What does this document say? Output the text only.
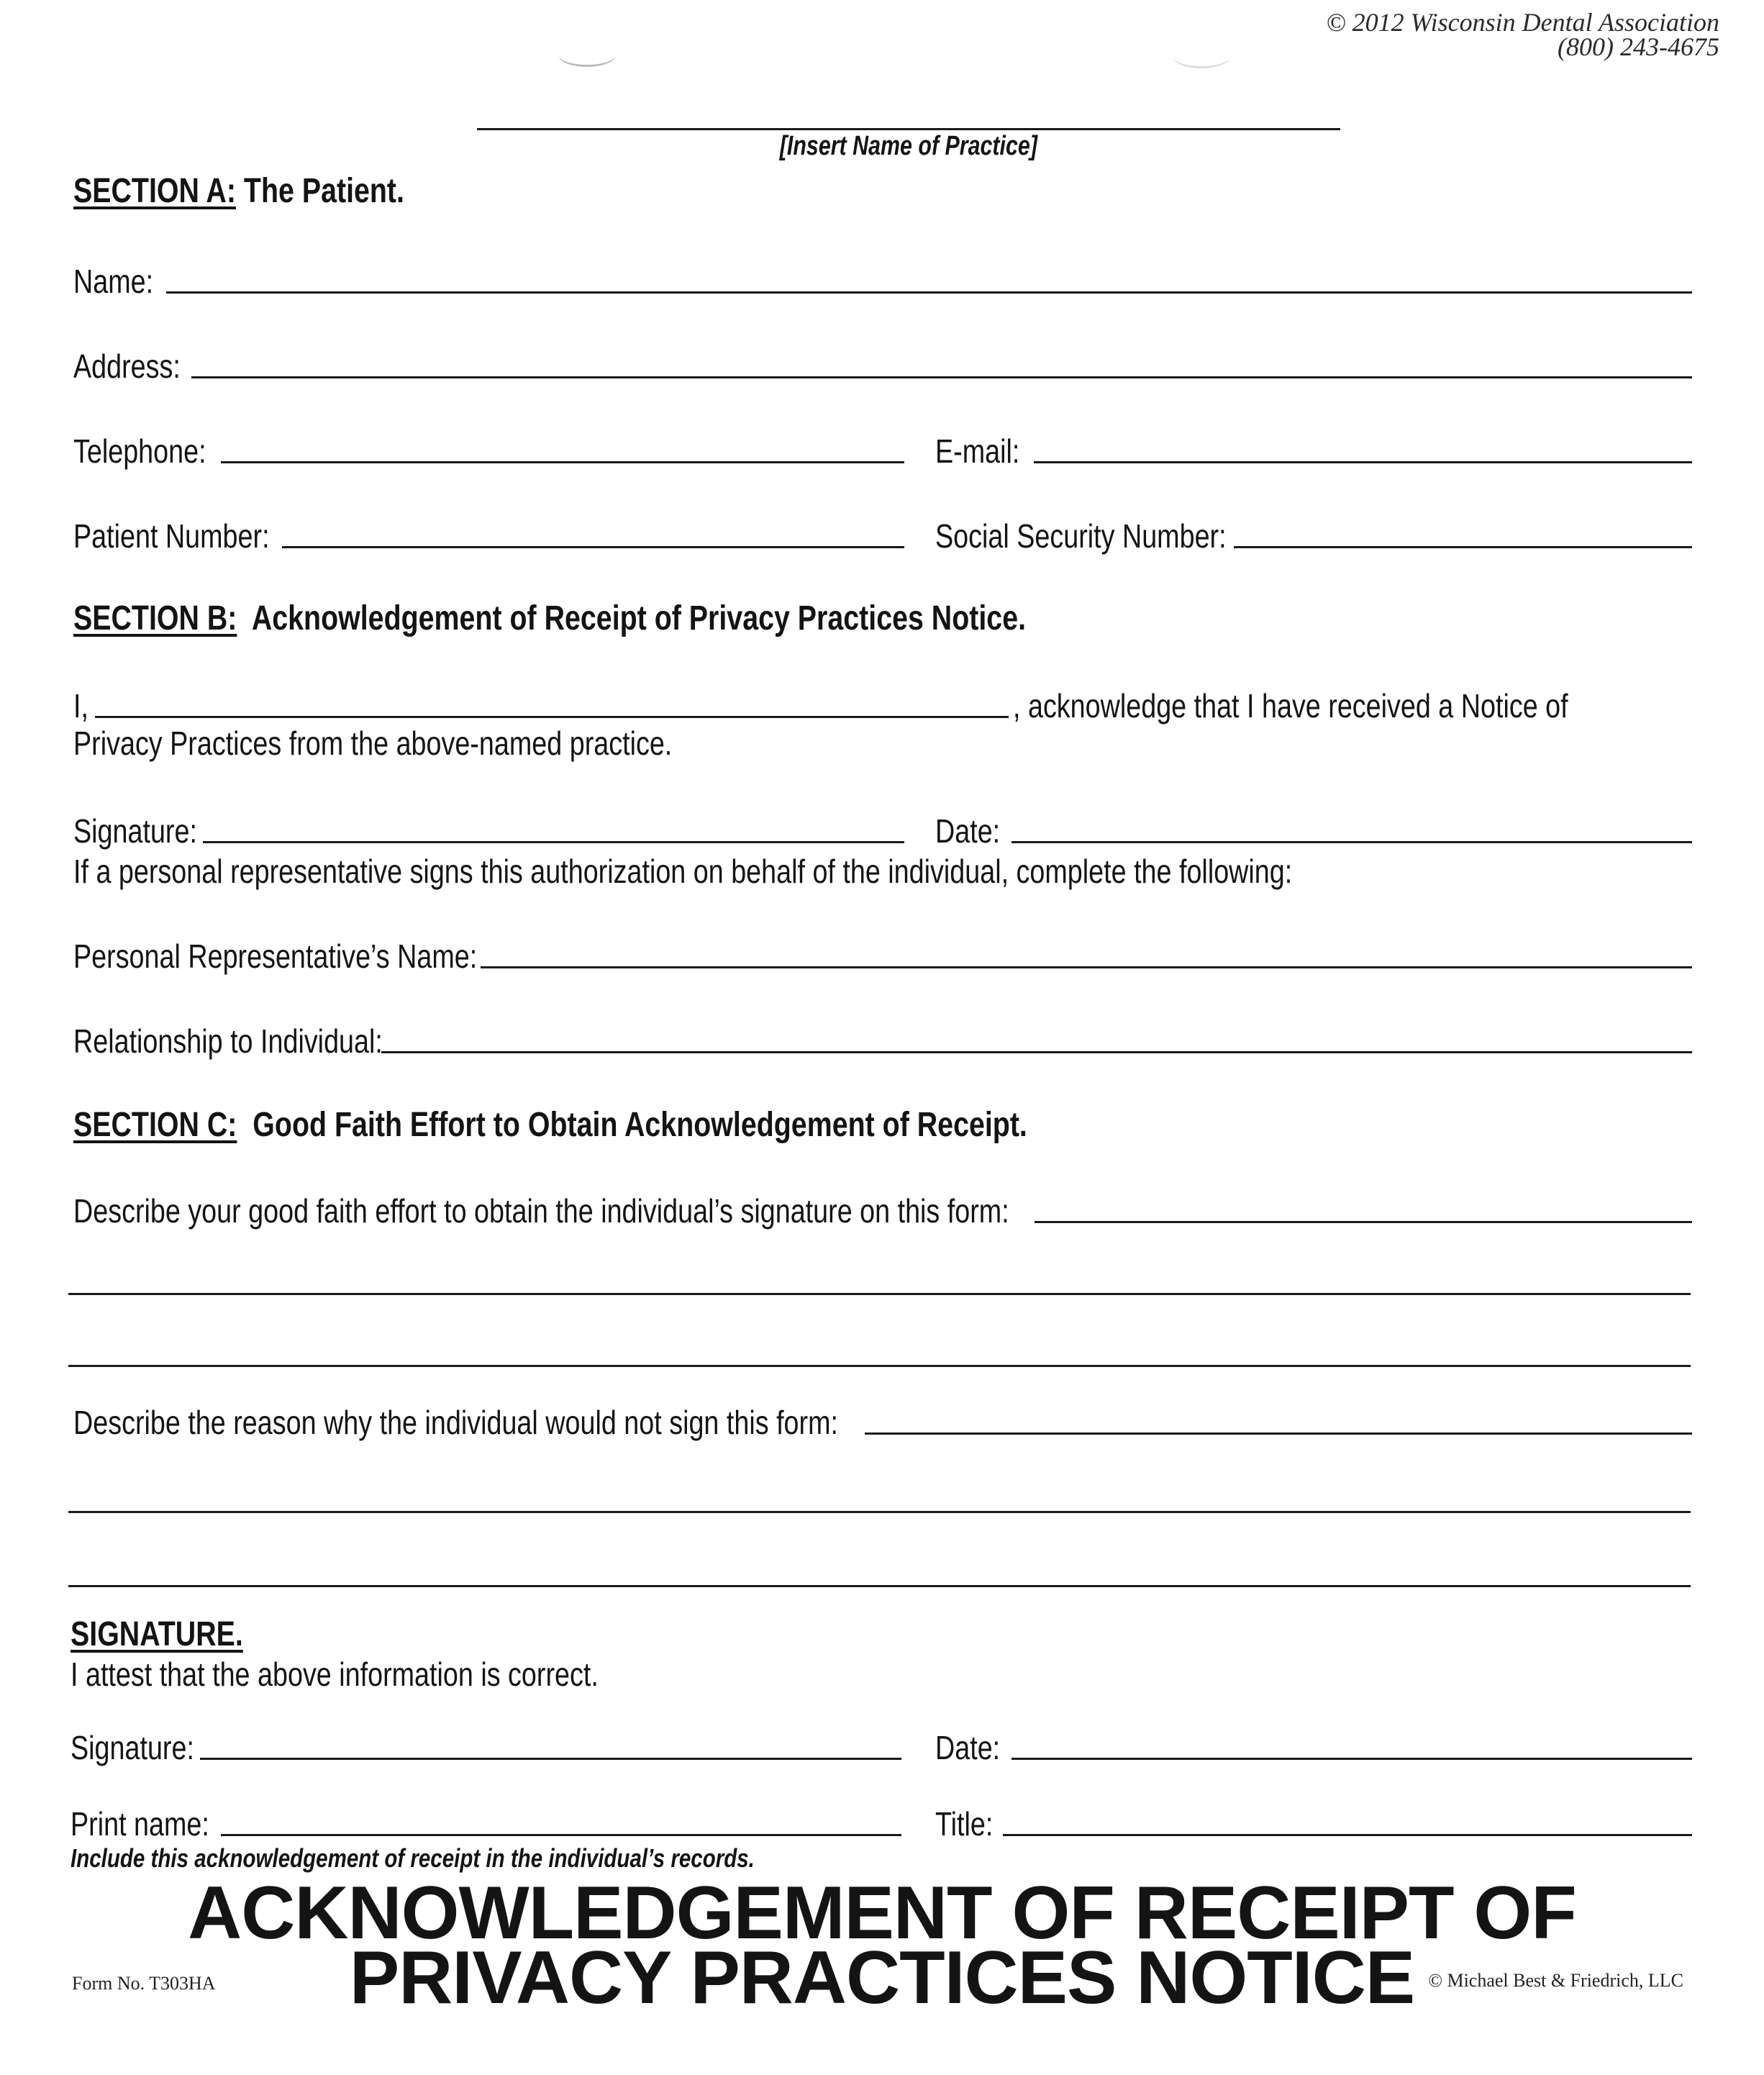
© 2012 Wisconsin Dental Association
(800) 243-4675
[Insert Name of Practice]
SECTION A: The Patient.
Name:
Address:
Telephone:	E-mail:
Patient Number:	Social Security Number:
SECTION B: Acknowledgement of Receipt of Privacy Practices Notice.
I,	, acknowledge that I have received a Notice of
Privacy Practices from the above-named practice.
Signature:	Date:
If a personal representative signs this authorization on behalf of the individual, complete the following:
Personal Representative’s Name:
Relationship to Individual:
SECTION C: Good Faith Effort to Obtain Acknowledgement of Receipt.
Describe your good faith effort to obtain the individual’s signature on this form:
Describe the reason why the individual would not sign this form:
SIGNATURE.
I attest that the above information is correct.
Signature:	Date:
Print name:	Title:
Include this acknowledgement of receipt in the individual’s records.
ACKNOWLEDGEMENT OF RECEIPT OF
PRIVACY PRACTICES NOTICE
Form No. T303HA	© Michael Best & Friedrich, LLC
